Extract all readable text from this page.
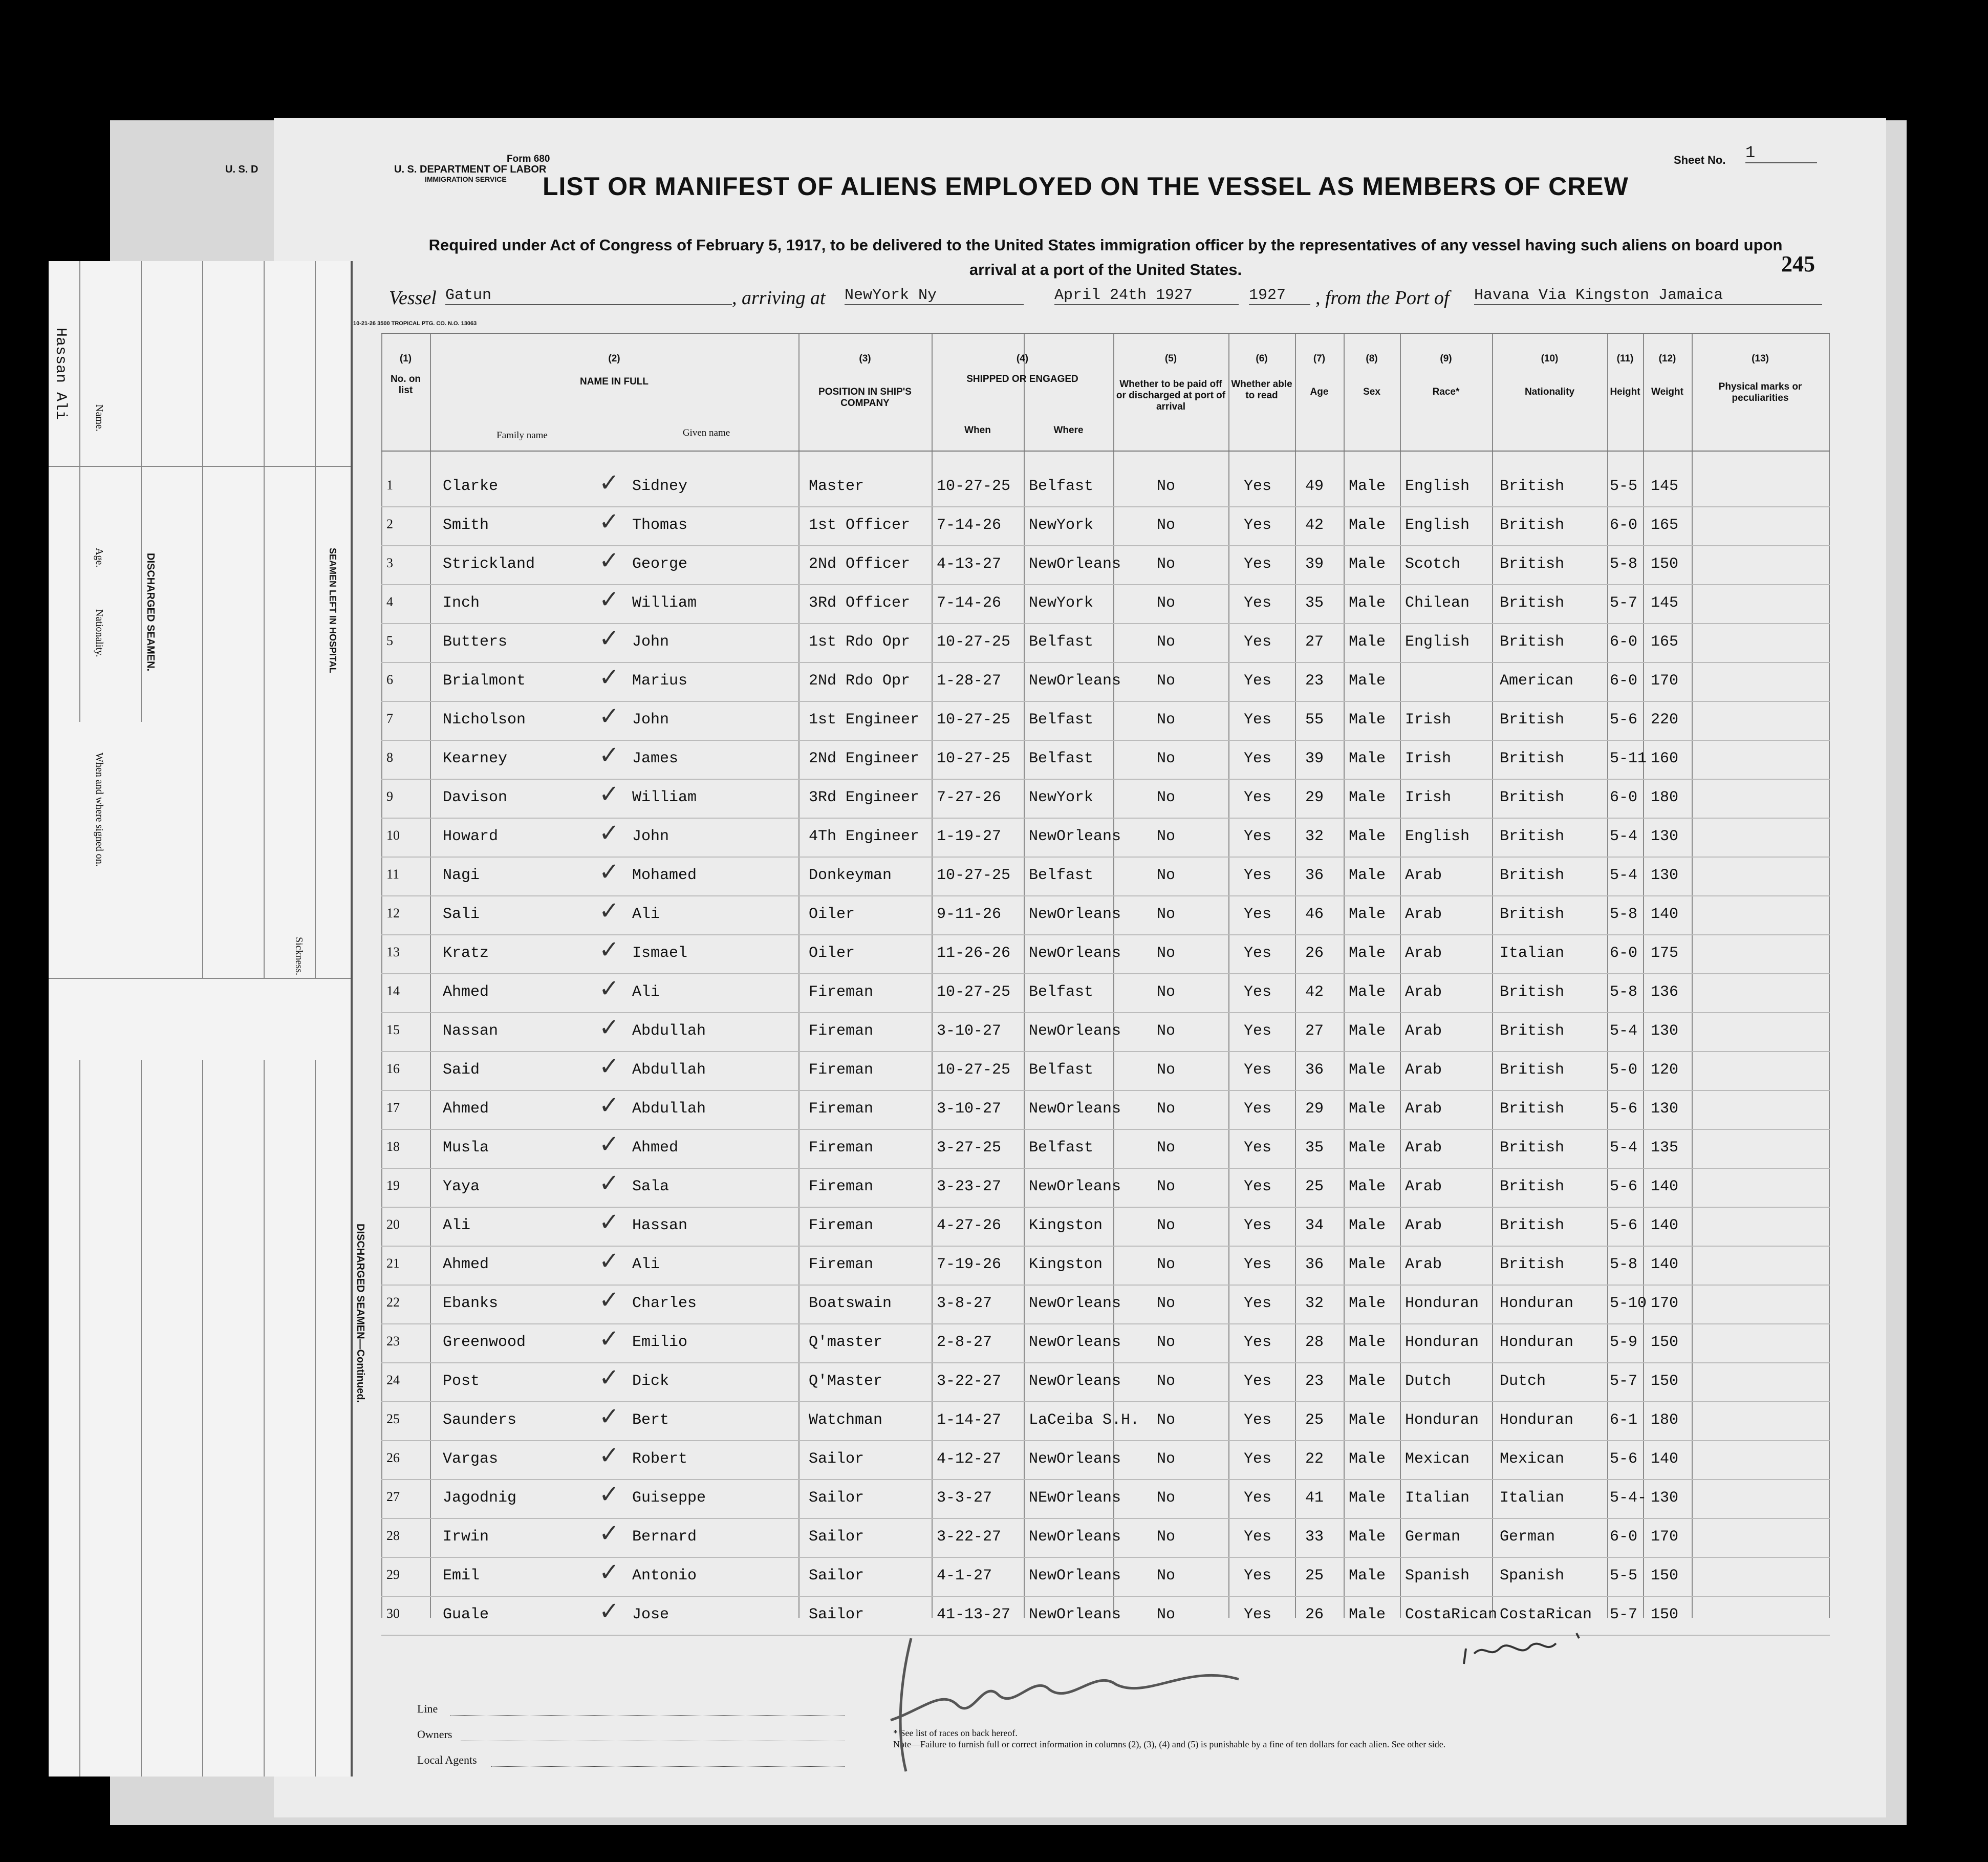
Form 680
U. S. DEPARTMENT OF LABOR
IMMIGRATION SERVICE
U. S. D
Sheet No. 1
LIST OR MANIFEST OF ALIENS EMPLOYED ON THE VESSEL AS MEMBERS OF CREW
Required under Act of Congress of February 5, 1917, to be delivered to the United States immigration officer by the representatives of any vessel having such aliens on board upon arrival at a port of the United States.	245
Vessel Gatun	, arriving at NewYork Ny	April 24th 1927	1927	, from the Port of Havana Via Kingston Jamaica
10-21-26 3500 TROPICAL PTG. CO. N.O. 13063
(1)
No. on list
(2)
NAME IN FULL
Family name	Given name
(3)
POSITION IN SHIP'S COMPANY
(4)
SHIPPED OR ENGAGED
When	Where
(5)
Whether to be paid off or discharged at port of arrival
(6)
Whether able to read
(7)
Age
(8)
Sex
(9)
Race*
(10)
Nationality
(11)
Height
(12)
Weight
(13)
Physical marks or peculiarities
✓
1	Clarke	Sidney	Master	10-27-25 Belfast	No	Yes 49 Male English British	5-5 145
✓
2	Smith	Thomas	1st Officer 7-14-26 NewYork	No	Yes 42 Male English British	6-0 165
✓
3	Strickland	George	2Nd Officer 4-13-27 NewOrleans No	Yes 39 Male Scotch	British	5-8 150
✓
4	Inch	William	3Rd Officer 7-14-26 NewYork	No	Yes 35 Male Chilean British	5-7 145
✓
5	Butters	John	1st Rdo Opr 10-27-25 Belfast	No	Yes 27 Male English British	6-0 165
✓
6	Brialmont	Marius	2Nd Rdo Opr 1-28-27 NewOrleans No	Yes 23 Male	American 6-0 170
✓
7	Nicholson	John	1st Engineer 10-27-25 Belfast	No	Yes 55 Male Irish	British	5-6 220
✓
8	Kearney	James	2Nd Engineer 10-27-25 Belfast	No	Yes 39 Male Irish	British	5-11 160
✓
9	Davison	William	3Rd Engineer 7-27-26 NewYork	No	Yes 29 Male Irish	British	6-0 180
✓
10	Howard	John	4Th Engineer 1-19-27 NewOrleans No	Yes 32 Male English British	5-4 130
✓
11	Nagi	Mohamed	Donkeyman	10-27-25 Belfast	No	Yes 36 Male Arab	British	5-4 130
✓
12	Sali	Ali	Oiler	9-11-26 NewOrleans No	Yes 46 Male Arab	British	5-8 140
✓
13	Kratz	Ismael	Oiler	11-26-26 NewOrleans No	Yes 26 Male Arab	Italian	6-0 175
✓
14	Ahmed	Ali	Fireman	10-27-25 Belfast	No	Yes 42 Male Arab	British	5-8 136
✓
15	Nassan	Abdullah	Fireman	3-10-27 NewOrleans No	Yes 27 Male Arab	British	5-4 130
✓
16	Said	Abdullah	Fireman	10-27-25 Belfast	No	Yes 36 Male Arab	British	5-0 120
✓
17	Ahmed	Abdullah	Fireman	3-10-27 NewOrleans No	Yes 29 Male Arab	British	5-6 130
✓
18	Musla	Ahmed	Fireman	3-27-25 Belfast	No	Yes 35 Male Arab	British	5-4 135
✓
19	Yaya	Sala	Fireman	3-23-27 NewOrleans No	Yes 25 Male Arab	British	5-6 140
✓
20	Ali	Hassan	Fireman	4-27-26 Kingston	No	Yes 34 Male Arab	British	5-6 140
✓
21	Ahmed	Ali	Fireman	7-19-26 Kingston	No	Yes 36 Male Arab	British	5-8 140
✓
22	Ebanks	Charles	Boatswain	3-8-27 NewOrleans No	Yes 32 Male Honduran Honduran 5-10 170
✓
23	Greenwood	Emilio	Q'master	2-8-27 NewOrleans No	Yes 28 Male Honduran Honduran 5-9 150
✓
24	Post	Dick	Q'Master	3-22-27 NewOrleans No	Yes 23 Male Dutch	Dutch	5-7 150
✓
25	Saunders	Bert	Watchman	1-14-27 LaCeiba S.H. No	Yes 25 Male Honduran Honduran 6-1 180
✓
26	Vargas	Robert	Sailor	4-12-27 NewOrleans No	Yes 22 Male Mexican Mexican	5-6 140
✓
27	Jagodnig	Guiseppe	Sailor	3-3-27 NEwOrleans No	Yes 41 Male Italian Italian	5-4- 130
✓
28	Irwin	Bernard	Sailor	3-22-27 NewOrleans No	Yes 33 Male German	German	6-0 170
✓
29	Emil	Antonio	Sailor	4-1-27 NewOrleans No	Yes 25 Male Spanish Spanish	5-5 150
✓
30	Guale	Jose	Sailor	41-13-27 NewOrleans No	Yes 26 Male CostaRican CostaRican 5-7 150
Line
Owners
Local Agents
* See list of races on back hereof.
Note—Failure to furnish full or correct information in columns (2), (3), (4) and (5) is punishable by a fine of ten dollars for each alien. See other side.
Hassan Ali
DISCHARGED SEAMEN.
DISCHARGED SEAMEN—Continued.
SEAMEN LEFT IN HOSPITAL
Name.
Age.
Nationality.
When and where signed on.
Sickness.
